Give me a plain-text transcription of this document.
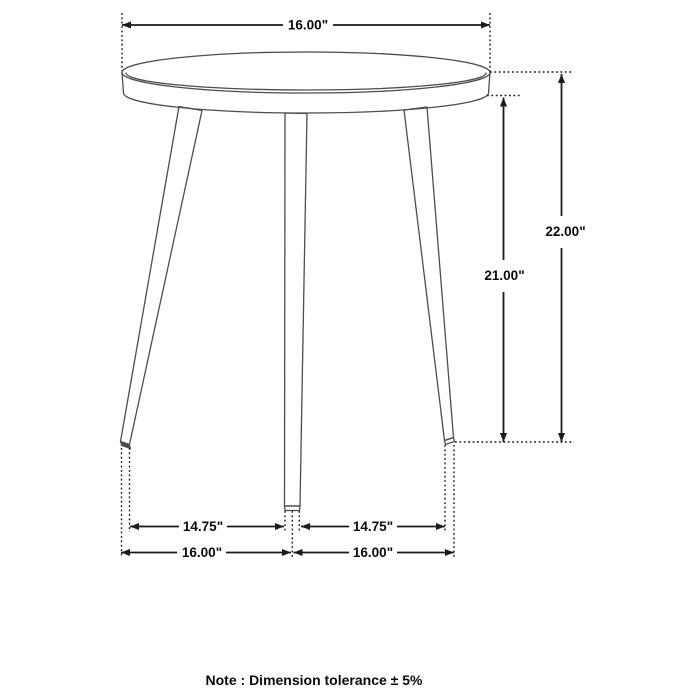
16.00"
22.00"
21.00"
14.75"	14.75"
16.00"	16.00"
Note : Dimension tolerance ± 5%
